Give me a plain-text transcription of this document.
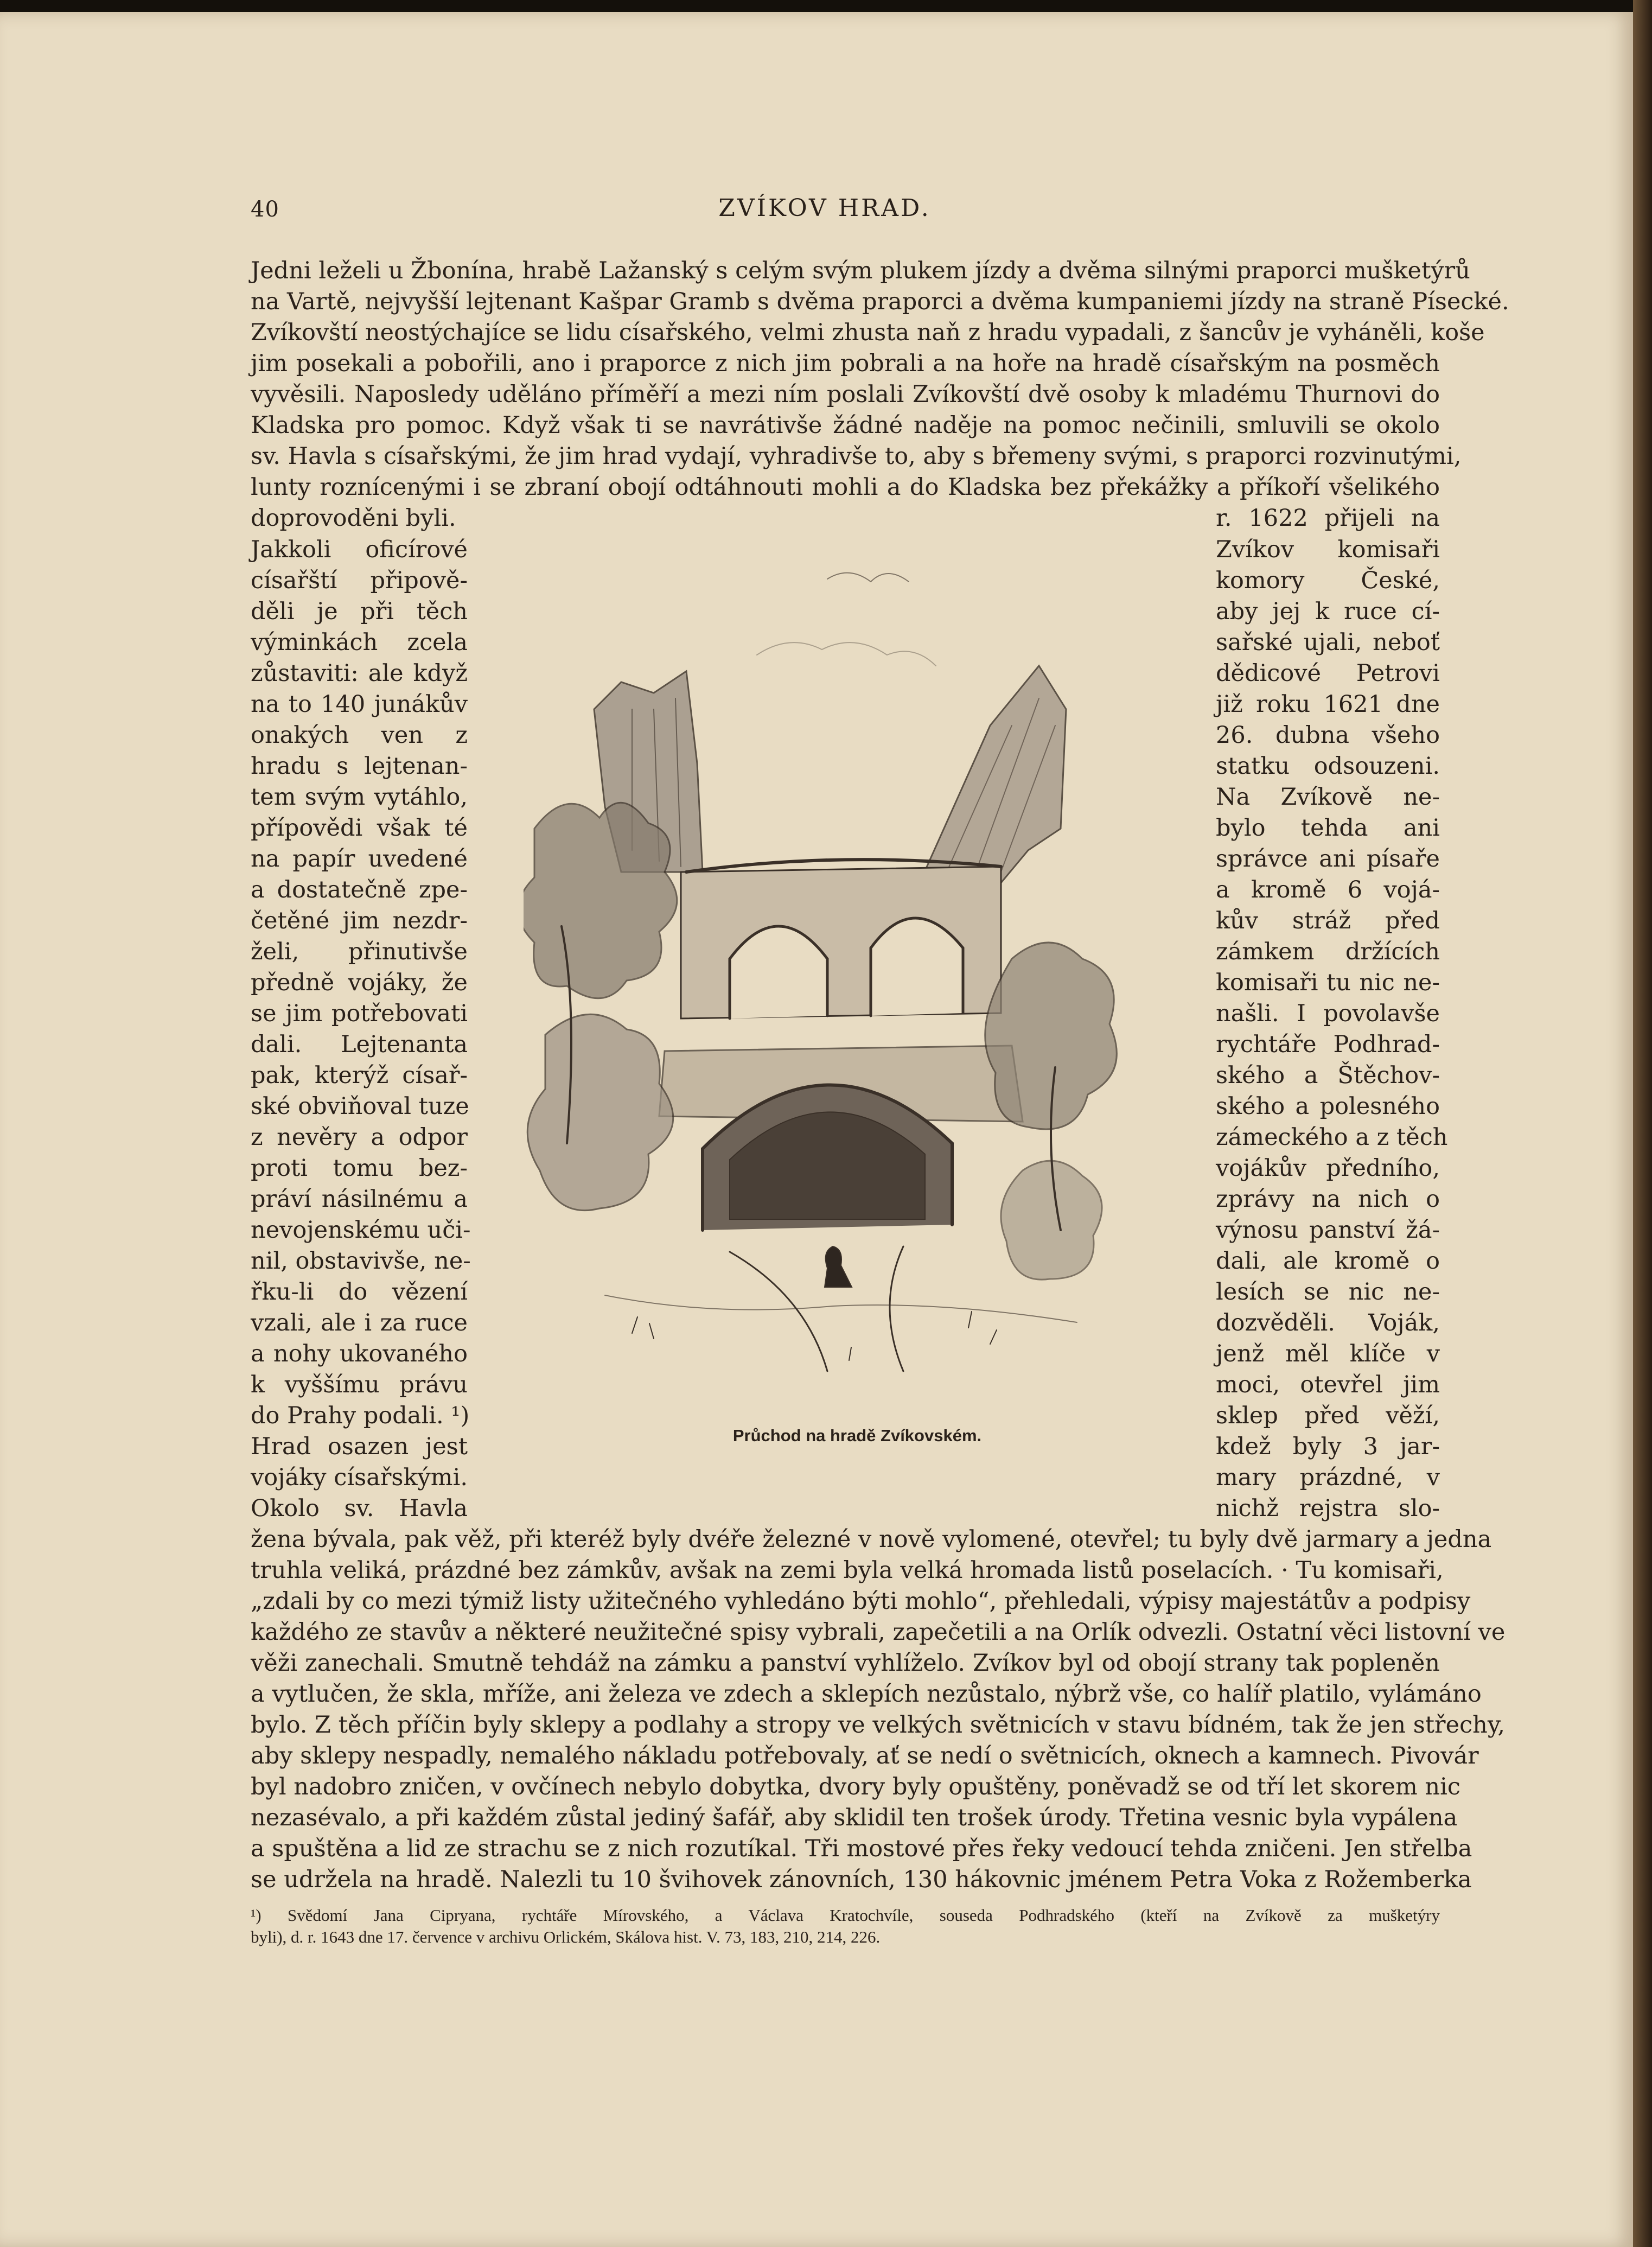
40	ZVÍKOV HRAD.
Jedni leželi u Žbonína, hrabě Lažanský s celým svým plukem jízdy a dvěma silnými praporci mušketýrů
na Vartě, nejvyšší lejtenant Kašpar Gramb s dvěma praporci a dvěma kumpaniemi jízdy na straně Písecké.
Zvíkovští neostýchajíce se lidu císařského, velmi zhusta naň z hradu vypadali, z šancův je vyháněli, koše
jim posekali a pobořili, ano i praporce z nich jim pobrali a na hoře na hradě císařským na posměch
vyvěsili. Naposledy uděláno příměří a mezi ním poslali Zvíkovští dvě osoby k mladému Thurnovi do
Kladska pro pomoc. Když však ti se navrátivše žádné naděje na pomoc nečinili, smluvili se okolo
sv. Havla s císařskými, že jim hrad vydají, vyhradivše to, aby s břemeny svými, s praporci rozvinutými,
lunty roznícenými i se zbraní obojí odtáhnouti mohli a do Kladska bez překážky a příkoří všelikého
doprovoděni byli.
Jakkoli oficírové
císařští připově-
děli je při těch
výminkách zcela
zůstaviti: ale když
na to 140 junákův
onakých ven z
hradu s lejtenan-
tem svým vytáhlo,
přípovědi však té
na papír uvedené
a dostatečně zpe-
četěné jim nezdr-
želi, přinutivše
předně vojáky, že
se jim potřebovati
dali. Lejtenanta
pak, kterýž císař-
ské obviňoval tuze
z nevěry a odpor
proti tomu bez-
práví násilnému a
nevojenskému uči-
nil, obstavivše, ne-
řku-li do vězení
vzali, ale i za ruce
a nohy ukovaného
k vyššímu právu
do Prahy podali. ¹)
Hrad osazen jest
vojáky císařskými.
Okolo sv. Havla
r. 1622 přijeli na
Zvíkov komisaři
komory České,
aby jej k ruce cí-
sařské ujali, neboť
dědicové Petrovi
již roku 1621 dne
26. dubna všeho
statku odsouzeni.
Na Zvíkově ne-
bylo tehda ani
správce ani písaře
a kromě 6 vojá-
kův stráž před
zámkem držících
komisaři tu nic ne-
našli. I povolavše
rychtáře Podhrad-
ského a Štěchov-
ského a polesného
zámeckého a z těch
vojákův předního,
zprávy na nich o
výnosu panství žá-
dali, ale kromě o
lesích se nic ne-
dozvěděli. Voják,
jenž měl klíče v
moci, otevřel jim
sklep před věží,
kdež byly 3 jar-
mary prázdné, v
nichž rejstra slo-
Průchod na hradě Zvíkovském.
žena bývala, pak věž, při kteréž byly dvéře železné v nově vylomené, otevřel; tu byly dvě jarmary a jedna
truhla veliká, prázdné bez zámkův, avšak na zemi byla velká hromada listů poselacích. · Tu komisaři,
„zdali by co mezi týmiž listy užitečného vyhledáno býti mohlo“, přehledali, výpisy majestátův a podpisy
každého ze stavův a některé neužitečné spisy vybrali, zapečetili a na Orlík odvezli. Ostatní věci listovní ve
věži zanechali. Smutně tehdáž na zámku a panství vyhlíželo. Zvíkov byl od obojí strany tak popleněn
a vytlučen, že skla, mříže, ani železa ve zdech a sklepích nezůstalo, nýbrž vše, co halíř platilo, vylámáno
bylo. Z těch příčin byly sklepy a podlahy a stropy ve velkých světnicích v stavu bídném, tak že jen střechy,
aby sklepy nespadly, nemalého nákladu potřebovaly, ať se nedí o světnicích, oknech a kamnech. Pivovár
byl nadobro zničen, v ovčínech nebylo dobytka, dvory byly opuštěny, poněvadž se od tří let skorem nic
nezasévalo, a při každém zůstal jediný šafář, aby sklidil ten trošek úrody. Třetina vesnic byla vypálena
a spuštěna a lid ze strachu se z nich rozutíkal. Tři mostové přes řeky vedoucí tehda zničeni. Jen střelba
se udržela na hradě. Nalezli tu 10 švihovek zánovních, 130 hákovnic jménem Petra Voka z Rožemberka
¹) Svědomí Jana Cipryana, rychtáře Mírovského, a Václava Kratochvíle, souseda Podhradského (kteří na Zvíkově za mušketýry
byli), d. r. 1643 dne 17. července v archivu Orlickém, Skálova hist. V. 73, 183, 210, 214, 226.
